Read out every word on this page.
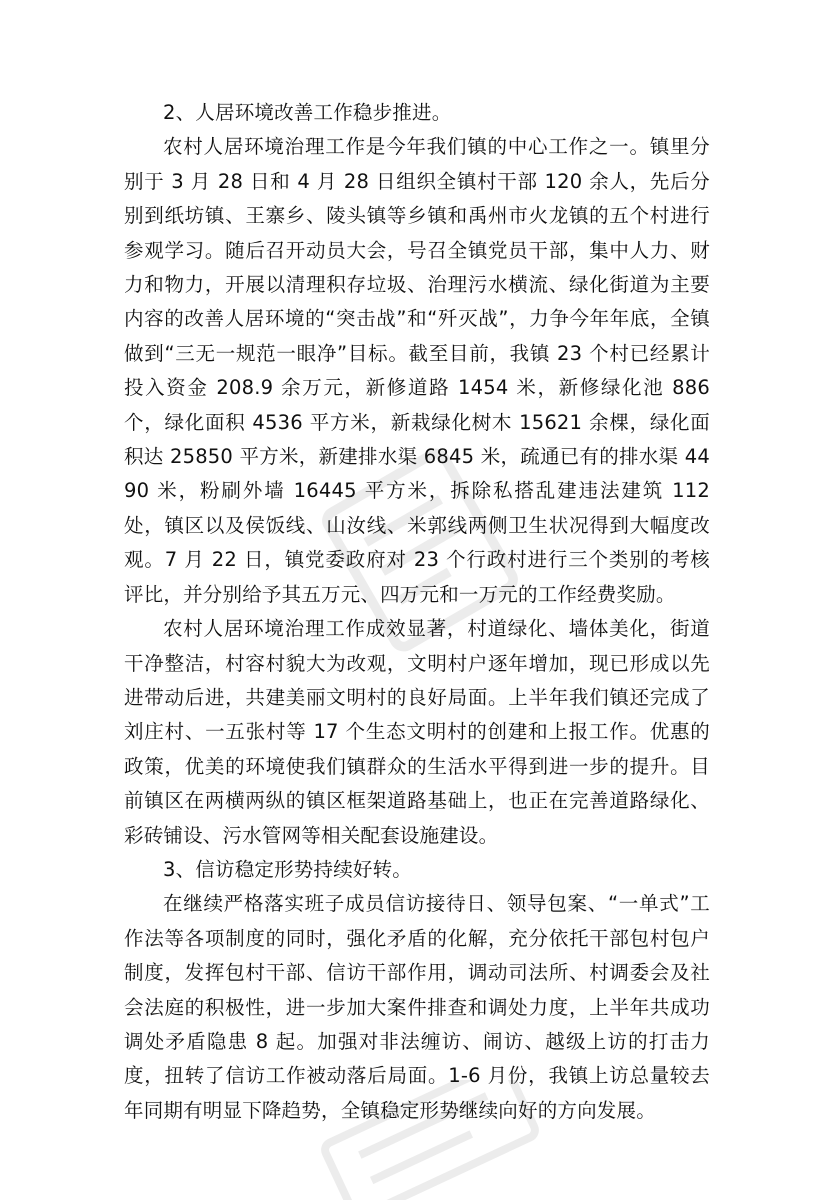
2、人居环境改善工作稳步推进。

农村人居环境治理工作是今年我们镇的中心工作之一。镇里分别于 3 月 28 日和 4 月 28 日组织全镇村干部 120 余人，先后分别到纸坊镇、王寨乡、陵头镇等乡镇和禹州市火龙镇的五个村进行参观学习。随后召开动员大会，号召全镇党员干部，集中人力、财力和物力，开展以清理积存垃圾、治理污水横流、绿化街道为主要内容的改善人居环境的“突击战”和“歼灭战”，力争今年年底，全镇做到“三无一规范一眼净”目标。截至目前，我镇 23 个村已经累计投入资金 208.9 余万元，新修道路 1454 米，新修绿化池 886 个，绿化面积 4536 平方米，新栽绿化树木 15621 余棵，绿化面积达 25850 平方米，新建排水渠 6845 米，疏通已有的排水渠 4490 米，粉刷外墙 16445 平方米，拆除私搭乱建违法建筑 112 处，镇区以及侯饭线、山汝线、米郭线两侧卫生状况得到大幅度改观。7 月 22 日，镇党委政府对 23 个行政村进行三个类别的考核评比，并分别给予其五万元、四万元和一万元的工作经费奖励。

农村人居环境治理工作成效显著，村道绿化、墙体美化，街道干净整洁，村容村貌大为改观，文明村户逐年增加，现已形成以先进带动后进，共建美丽文明村的良好局面。上半年我们镇还完成了刘庄村、一五张村等 17 个生态文明村的创建和上报工作。优惠的政策，优美的环境使我们镇群众的生活水平得到进一步的提升。目前镇区在两横两纵的镇区框架道路基础上，也正在完善道路绿化、彩砖铺设、污水管网等相关配套设施建设。

3、信访稳定形势持续好转。

在继续严格落实班子成员信访接待日、领导包案、“一单式”工作法等各项制度的同时，强化矛盾的化解，充分依托干部包村包户制度，发挥包村干部、信访干部作用，调动司法所、村调委会及社会法庭的积极性，进一步加大案件排查和调处力度，上半年共成功调处矛盾隐患 8 起。加强对非法缠访、闹访、越级上访的打击力度，扭转了信访工作被动落后局面。1-6 月份，我镇上访总量较去年同期有明显下降趋势，全镇稳定形势继续向好的方向发展。
